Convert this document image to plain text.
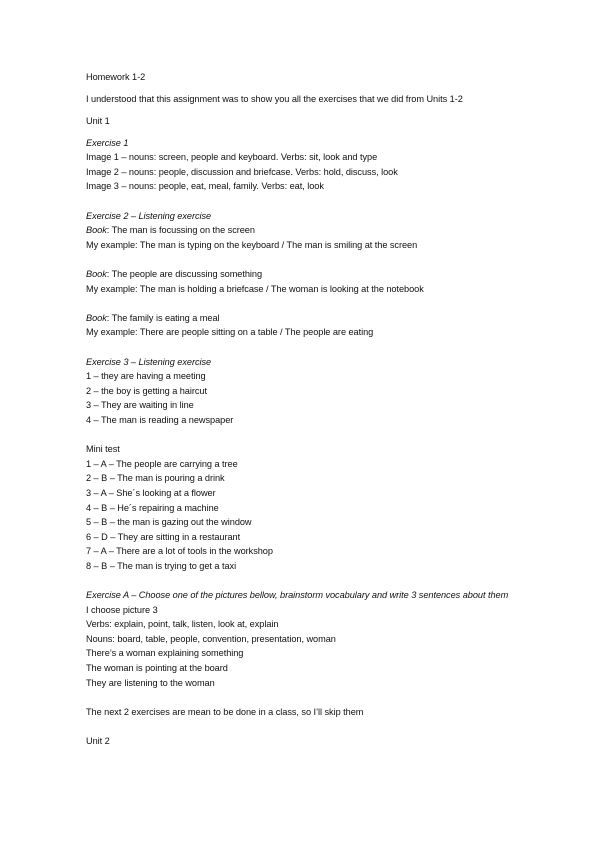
Homework 1-2
I understood that this assignment was to show you all the exercises that we did from Units 1-2
Unit 1
Exercise 1
Image 1 – nouns: screen, people and keyboard. Verbs: sit, look and type
Image 2 – nouns: people, discussion and briefcase. Verbs: hold, discuss, look
Image 3 – nouns: people, eat, meal, family. Verbs: eat, look
Exercise 2 – Listening exercise
Book: The man is focussing on the screen
My example: The man is typing on the keyboard / The man is smiling at the screen
Book: The people are discussing something
My example: The man is holding a briefcase / The woman is looking at the notebook
Book: The family is eating a meal
My example: There are people sitting on a table / The people are eating
Exercise 3 – Listening exercise
1 – they are having a meeting
2 – the boy is getting a haircut
3 – They are waiting in line
4 – The man is reading a newspaper
Mini test
1 – A – The people are carrying a tree
2 – B – The man is pouring a drink
3 – A – She´s looking at a flower
4 – B – He´s repairing a machine
5 – B – the man is gazing out the window
6 – D – They are sitting in a restaurant
7 – A – There are a lot of tools in the workshop
8 – B – The man is trying to get a taxi
Exercise A – Choose one of the pictures bellow, brainstorm vocabulary and write 3 sentences about them
I choose picture 3
Verbs: explain, point, talk, listen, look at, explain
Nouns: board, table, people, convention, presentation, woman
There’s a woman explaining something
The woman is pointing at the board
They are listening to the woman
The next 2 exercises are mean to be done in a class, so I’ll skip them
Unit 2
